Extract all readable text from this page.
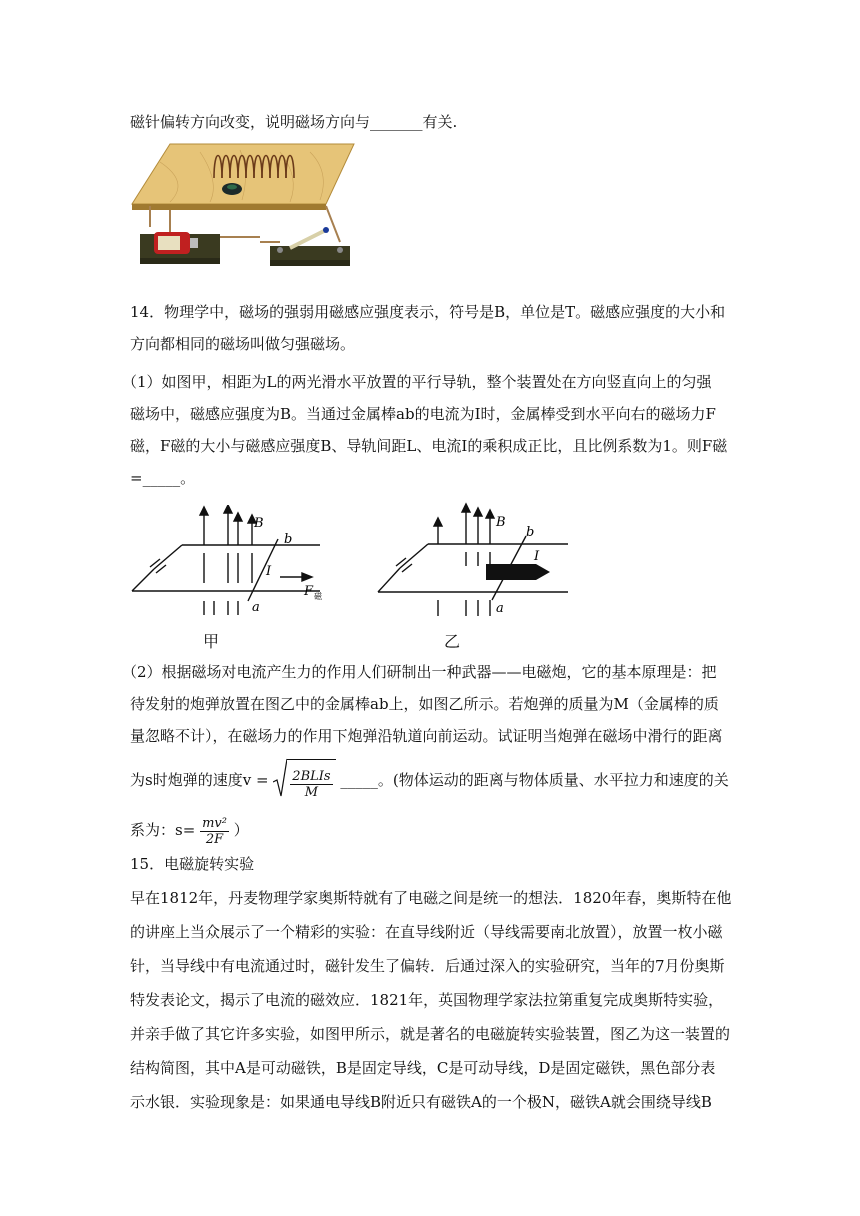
磁针偏转方向改变，说明磁场方向与_______有关.
14．物理学中，磁场的强弱用磁感应强度表示，符号是B，单位是T。磁感应强度的大小和
方向都相同的磁场叫做匀强磁场。
（1）如图甲，相距为L的两光滑水平放置的平行导轨，整个装置处在方向竖直向上的匀强
磁场中，磁感应强度为B。当通过金属棒ab的电流为I时，金属棒受到水平向右的磁场力F
磁，F磁的大小与磁感应强度B、导轨间距L、电流I的乘积成正比，且比例系数为1。则F磁
=_____。
B
b
I
F 磁
a
甲
B
b
I
a
乙
（2）根据磁场对电流产生力的作用人们研制出一种武器——电磁炮，它的基本原理是：把
待发射的炮弹放置在图乙中的金属棒ab上，如图乙所示。若炮弹的质量为M（金属棒的质
量忽略不计），在磁场力的作用下炮弹沿轨道向前运动。试证明当炮弹在磁场中滑行的距离
为s时炮弹的速度$v = \frac{\text{2BLIs}}{M}$ _____。(物体运动的距离与物体质量、水平拉力和速度的关
系为：$s= \frac{\text{mv²}}{2F}$ ）
15．电磁旋转实验
早在1812年，丹麦物理学家奥斯特就有了电磁之间是统一的想法．1820年春，奥斯特在他
的讲座上当众展示了一个精彩的实验：在直导线附近（导线需要南北放置），放置一枚小磁
针，当导线中有电流通过时，磁针发生了偏转．后通过深入的实验研究，当年的7月份奥斯
特发表论文，揭示了电流的磁效应．1821年，英国物理学家法拉第重复完成奥斯特实验，
并亲手做了其它许多实验，如图甲所示，就是著名的电磁旋转实验装置，图乙为这一装置的
结构简图，其中A是可动磁铁，B是固定导线，C是可动导线，D是固定磁铁，黑色部分表
示水银．实验现象是：如果通电导线B附近只有磁铁A的一个极N，磁铁A就会围绕导线B
